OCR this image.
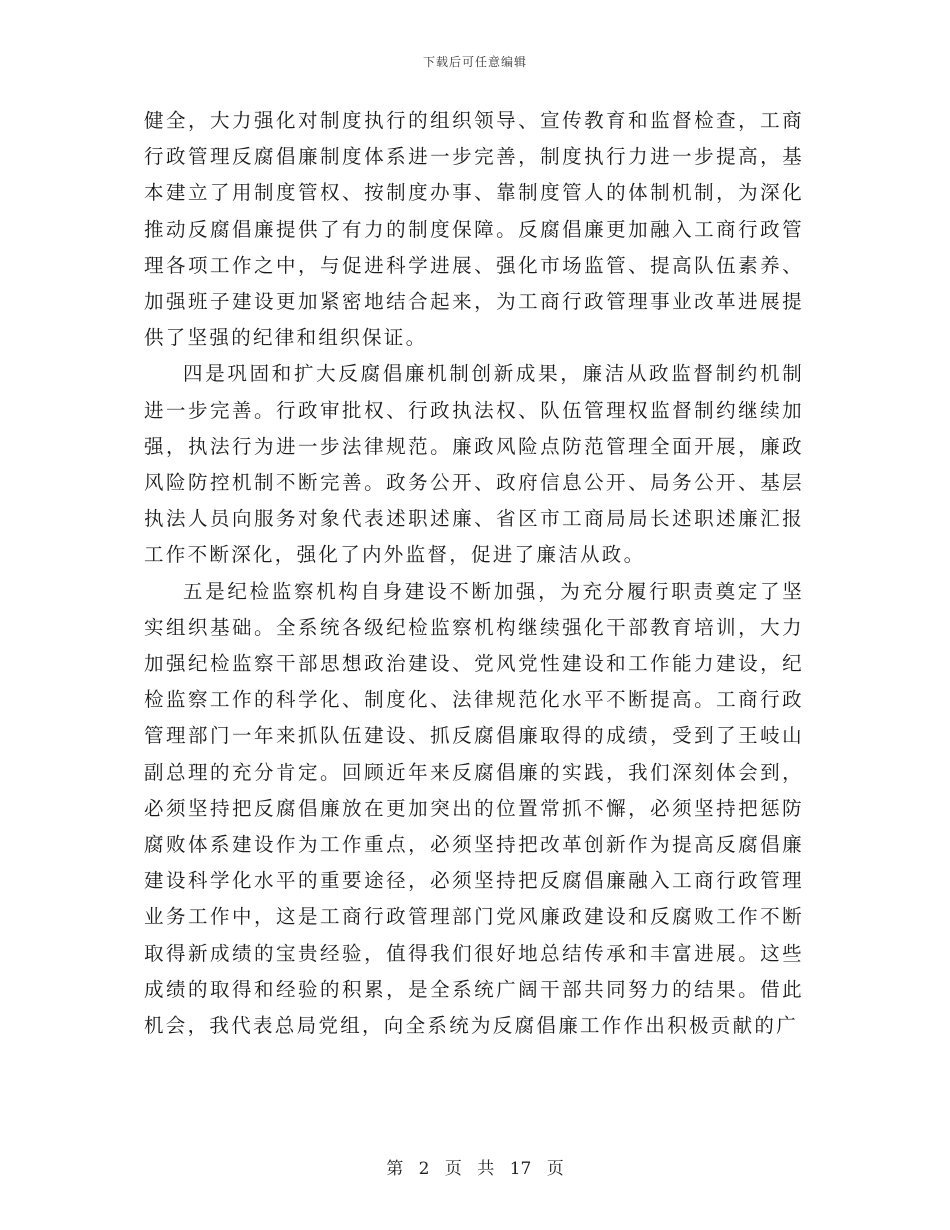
下载后可任意编辑

健全，大力强化对制度执行的组织领导、宣传教育和监督检查，工商行政管理反腐倡廉制度体系进一步完善，制度执行力进一步提高，基本建立了用制度管权、按制度办事、靠制度管人的体制机制，为深化推动反腐倡廉提供了有力的制度保障。反腐倡廉更加融入工商行政管理各项工作之中，与促进科学进展、强化市场监管、提高队伍素养、加强班子建设更加紧密地结合起来，为工商行政管理事业改革进展提供了坚强的纪律和组织保证。

四是巩固和扩大反腐倡廉机制创新成果，廉洁从政监督制约机制进一步完善。行政审批权、行政执法权、队伍管理权监督制约继续加强，执法行为进一步法律规范。廉政风险点防范管理全面开展，廉政风险防控机制不断完善。政务公开、政府信息公开、局务公开、基层执法人员向服务对象代表述职述廉、省区市工商局局长述职述廉汇报工作不断深化，强化了内外监督，促进了廉洁从政。

五是纪检监察机构自身建设不断加强，为充分履行职责奠定了坚实组织基础。全系统各级纪检监察机构继续强化干部教育培训，大力加强纪检监察干部思想政治建设、党风党性建设和工作能力建设，纪检监察工作的科学化、制度化、法律规范化水平不断提高。工商行政管理部门一年来抓队伍建设、抓反腐倡廉取得的成绩，受到了王岐山副总理的充分肯定。回顾近年来反腐倡廉的实践，我们深刻体会到，必须坚持把反腐倡廉放在更加突出的位置常抓不懈，必须坚持把惩防腐败体系建设作为工作重点，必须坚持把改革创新作为提高反腐倡廉建设科学化水平的重要途径，必须坚持把反腐倡廉融入工商行政管理业务工作中，这是工商行政管理部门党风廉政建设和反腐败工作不断取得新成绩的宝贵经验，值得我们很好地总结传承和丰富进展。这些成绩的取得和经验的积累，是全系统广阔干部共同努力的结果。借此机会，我代表总局党组，向全系统为反腐倡廉工作作出积极贡献的广

第 2 页 共 17 页
